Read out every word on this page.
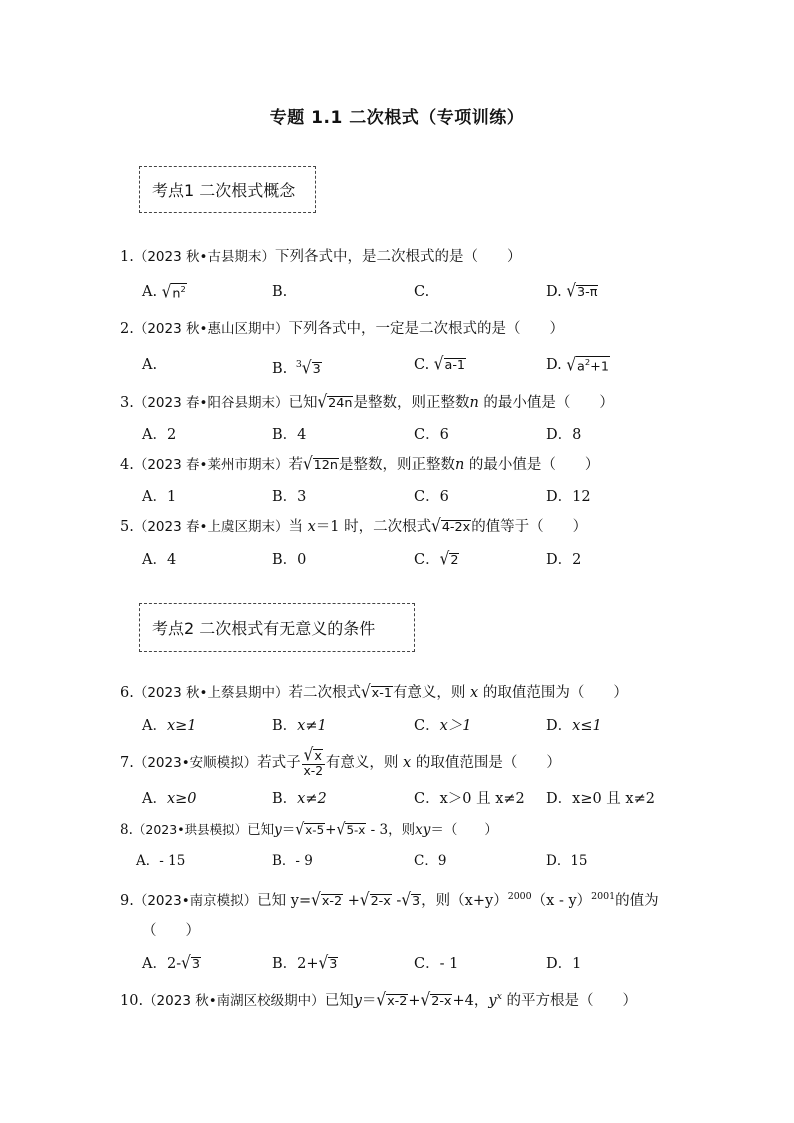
专题 1.1 二次根式（专项训练）
考点1 二次根式概念
1.（2023 秋•古县期末）下列各式中，是二次根式的是（　　）
A. $√n^2$	B.	C.	D. √3-π
2.（2023 秋•惠山区期中）下列各式中，一定是二次根式的是（　　）
A.	B. $^3$√3	C. √a-1	D. $√a^2+1$
3.（2023 春•阳谷县期末）已知√24n是整数，则正整数n 的最小值是（　　）
A．2	B．4	C．6	D．8
4.（2023 春•莱州市期末）若√12n是整数，则正整数n 的最小值是（　　）
A．1	B．3	C．6	D．12
5.（2023 春•上虞区期末）当 x＝1 时，二次根式√4-2x的值等于（　　）
A．4	B．0	C．√2	D．2
考点2 二次根式有无意义的条件
6.（2023 秋•上蔡县期中）若二次根式√x-1有意义，则 x 的取值范围为（　　）
A．x≥1	B．x≠1	C．x＞1	D．x≤1
7.（2023•安顺模拟）若式子 $\frac{√x}{x-2}$ 有意义，则 x 的取值范围是（　　）
A．x≥0	B．x≠2	C．x＞0 且 x≠2 D．x≥0 且 x≠2
8.（2023•珙县模拟）已知y＝√x-5+√5-x - 3，则xy＝（　　）
A．- 15	B．- 9	C．9	D．15
9.（2023•南京模拟）已知 y=√x-2 +√2-x -√3，则$(x+y)^{2000}(x - y)^{2001}$的值为
（　　）
A．2-√3	B．2+√3	C．- 1	D．1
10.（2023 秋•南湖区校级期中）已知y＝√x-2+√2-x+4，$y^x$ 的平方根是（　　）
